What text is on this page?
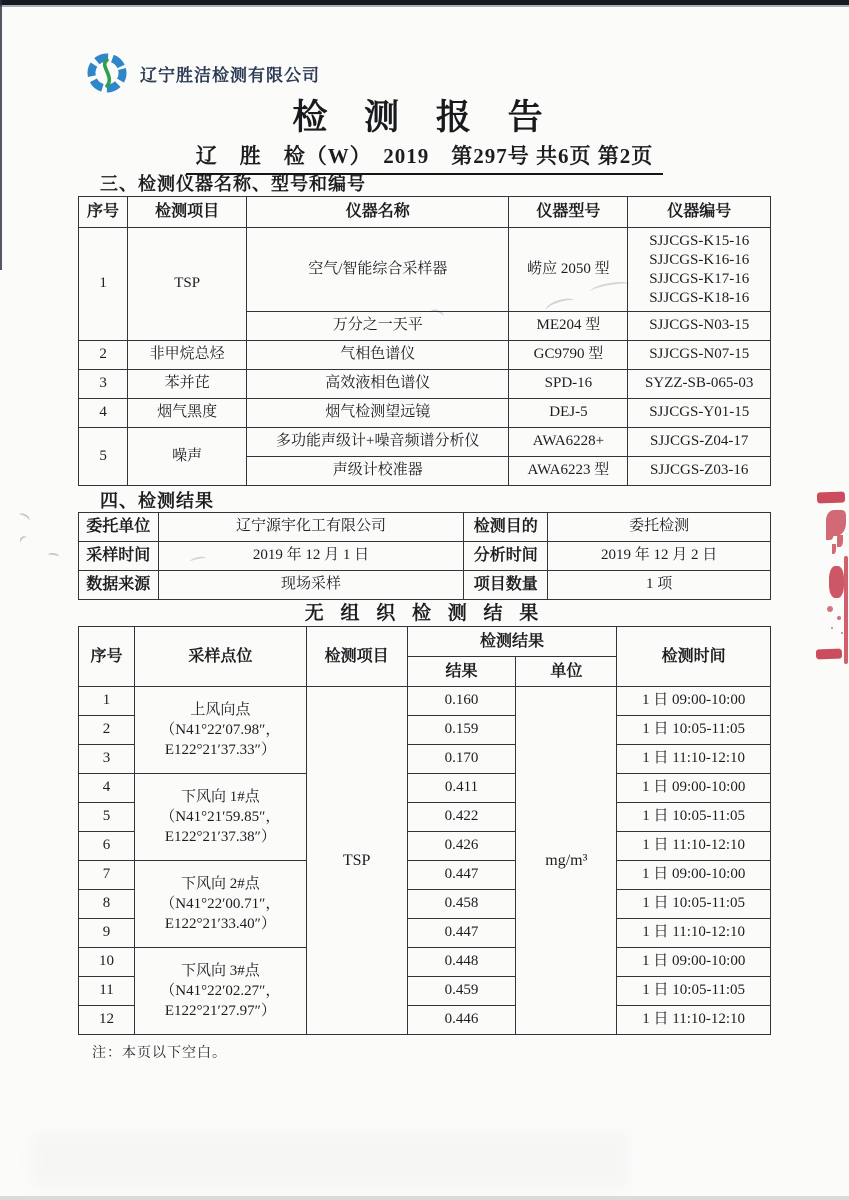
辽宁胜洁检测有限公司
检 测 报 告
辽　胜　检（W）　2019　第297号 共6页 第2页
三、检测仪器名称、型号和编号
序号	检测项目	仪器名称	仪器型号	仪器编号
1	TSP	空气/智能综合采样器	崂应 2050 型	SJJCGS-K15-16
SJJCGS-K16-16
SJJCGS-K17-16
SJJCGS-K18-16

		万分之一天平	ME204 型	SJJCGS-N03-15
2	非甲烷总烃	气相色谱仪	GC9790 型	SJJCGS-N07-15
3	苯并芘	高效液相色谱仪	SPD-16	SYZZ-SB-065-03
4	烟气黑度	烟气检测望远镜	DEJ-5	SJJCGS-Y01-15
5	噪声	多功能声级计+噪音频谱分析仪	AWA6228+	SJJCGS-Z04-17
		声级计校准器	AWA6223 型	SJJCGS-Z03-16
四、检测结果
委托单位	辽宁源宇化工有限公司	检测目的	委托检测
采样时间	2019 年 12 月 1 日	分析时间	2019 年 12 月 2 日
数据来源	现场采样	项目数量	1 项
无 组 织 检 测 结 果
序号	采样点位	检测项目	检测结果		检测时间
			结果	单位	
1	上风向点
（N41°22′07.98″，
E122°21′37.33″）	TSP	0.160	mg/m³	1 日 09:00-10:00
2			0.159		1 日 10:05-11:05
3			0.170		1 日 11:10-12:10
4	下风向 1#点
（N41°21′59.85″，
E122°21′37.38″）		0.411		1 日 09:00-10:00
5			0.422		1 日 10:05-11:05
6			0.426		1 日 11:10-12:10
7	下风向 2#点
（N41°22′00.71″，
E122°21′33.40″）		0.447		1 日 09:00-10:00
8			0.458		1 日 10:05-11:05
9			0.447		1 日 11:10-12:10
10	下风向 3#点
（N41°22′02.27″，
E122°21′27.97″）		0.448		1 日 09:00-10:00
11			0.459		1 日 10:05-11:05
12			0.446		1 日 11:10-12:10
注：本页以下空白。
